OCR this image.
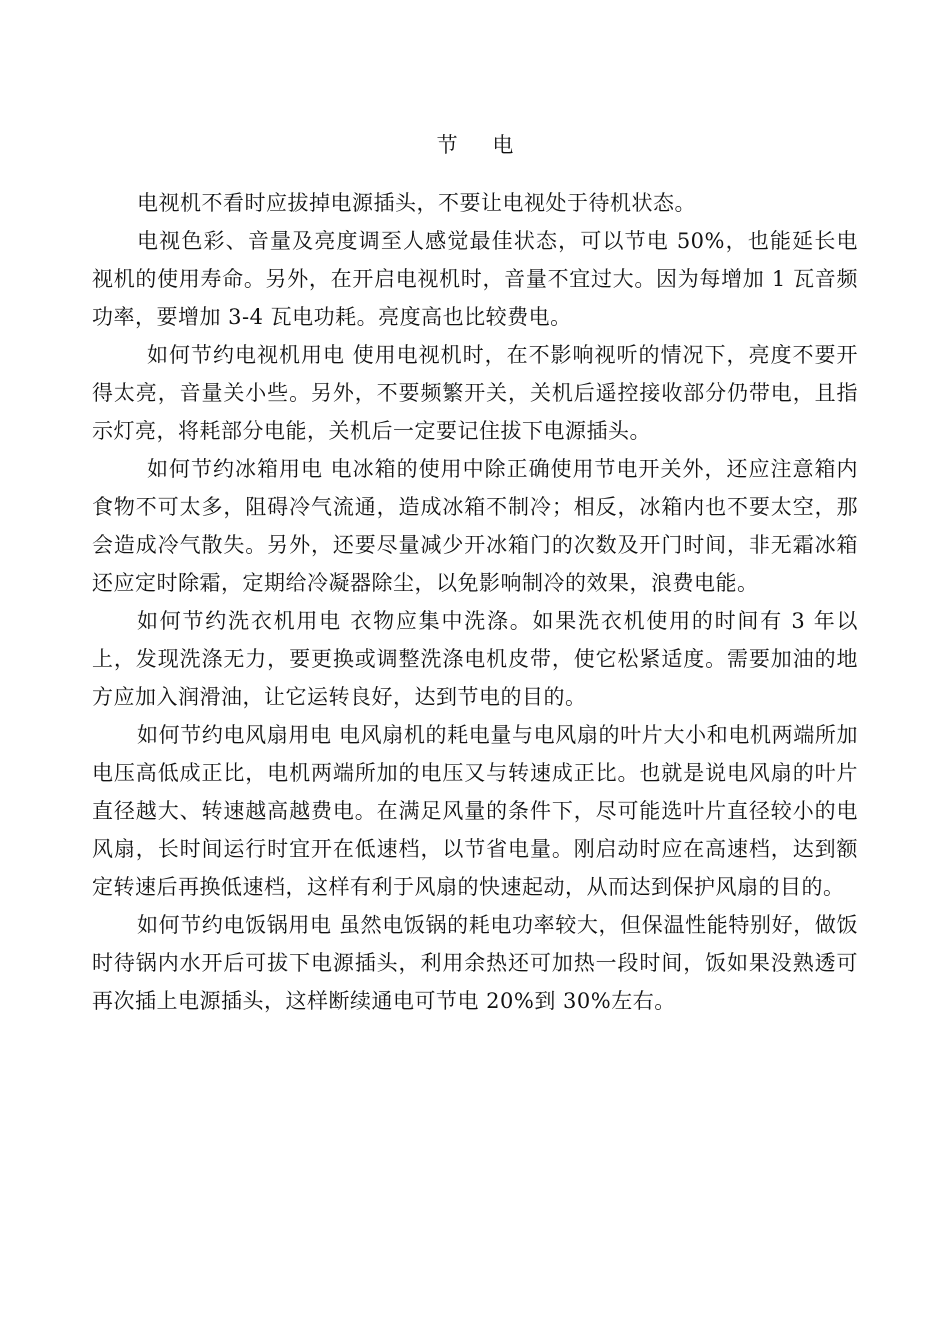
节 电

电视机不看时应拔掉电源插头，不要让电视处于待机状态。

电视色彩、音量及亮度调至人感觉最佳状态，可以节电 50%，也能延长电视机的使用寿命。另外，在开启电视机时，音量不宜过大。因为每增加 1 瓦音频功率，要增加 3-4 瓦电功耗。亮度高也比较费电。

如何节约电视机用电 使用电视机时，在不影响视听的情况下，亮度不要开得太亮，音量关小些。另外，不要频繁开关，关机后遥控接收部分仍带电，且指示灯亮，将耗部分电能，关机后一定要记住拔下电源插头。

如何节约冰箱用电 电冰箱的使用中除正确使用节电开关外，还应注意箱内食物不可太多，阻碍冷气流通，造成冰箱不制冷；相反，冰箱内也不要太空，那会造成冷气散失。另外，还要尽量减少开冰箱门的次数及开门时间，非无霜冰箱还应定时除霜，定期给冷凝器除尘，以免影响制冷的效果，浪费电能。

如何节约洗衣机用电 衣物应集中洗涤。如果洗衣机使用的时间有 3 年以上，发现洗涤无力，要更换或调整洗涤电机皮带，使它松紧适度。需要加油的地方应加入润滑油，让它运转良好，达到节电的目的。

如何节约电风扇用电 电风扇机的耗电量与电风扇的叶片大小和电机两端所加电压高低成正比，电机两端所加的电压又与转速成正比。也就是说电风扇的叶片直径越大、转速越高越费电。在满足风量的条件下，尽可能选叶片直径较小的电风扇，长时间运行时宜开在低速档，以节省电量。刚启动时应在高速档，达到额定转速后再换低速档，这样有利于风扇的快速起动，从而达到保护风扇的目的。

如何节约电饭锅用电 虽然电饭锅的耗电功率较大，但保温性能特别好，做饭时待锅内水开后可拔下电源插头，利用余热还可加热一段时间，饭如果没熟透可再次插上电源插头，这样断续通电可节电 20%到 30%左右。
